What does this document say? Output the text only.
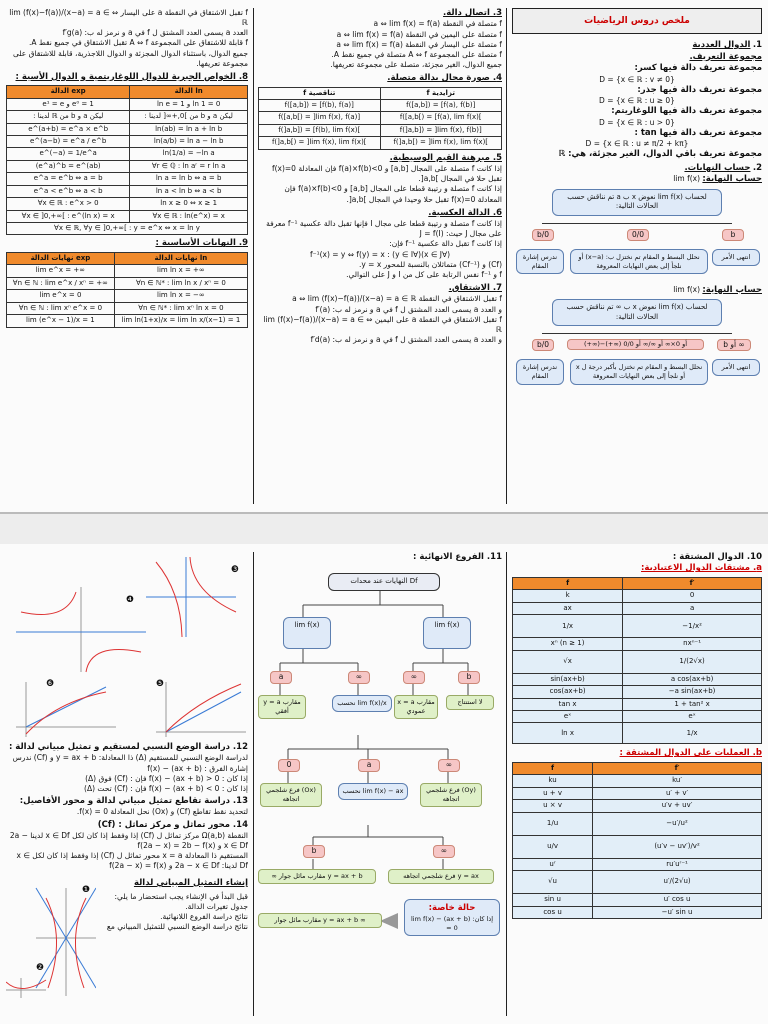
ملخص دروس الرياضيات
1. الدوال العددية
مجموعة التعريف.
مجموعة تعريف دالة فيها كسر:
D = {x ∈ ℝ : v ≠ 0}
مجموعة تعريف دالة فيها جذر:
D = {x ∈ ℝ : u ≥ 0}
مجموعة تعريف دالة فيها اللوغاريتم:
D = {x ∈ ℝ : u > 0}
مجموعة تعريف دالة فيها tan :
D = {x ∈ ℝ : u ≠ π/2 + kπ}
مجموعة تعريف باقي الدوال، الغير مجزئة، هي: ℝ
2. حساب النهايات.
حساب النهاية: lim f(x)
لحساب lim f(x) نعوض x ب a تم نناقش حسب الحالات التالية:
b/0	0/0	b
ندرس إشارة المقام
نحلل البسط و المقام تم نختزل ب: (x−a) أو نلجأ إلى بعض النهايات المعروفة
انتهى الأمر
حساب النهاية: lim f(x)
لحساب lim f(x) نعوض x ب ∞ تم نناقش حسب الحالات التالية:
b/0	(+∞)−(+∞) أو 0×∞ أو ∞/∞ أو 0/0	b أو ∞
ندرس إشارة المقام
نحلل البسط و المقام تم نختزل بأكبر درجة ل x أو نلجأ إلى بعض النهايات المعروفة
انتهى الأمر
3. اتصال دالة.
f متصلة في النقطة a ⇔ lim f(x) = f(a)
f متصلة على اليمين في النقطة a ⇔ lim f(x) = f(a)
f متصلة على اليسار في النقطة a ⇔ lim f(x) = f(a)
f متصلة على المجموعة A ⇔ f متصلة في جميع نقط A.
جميع الدوال، الغير مجزئة، متصلة على مجموعة تعريفها.
4. صورة مجال بدالة متصلة.
f تناقصية	f تزايدية
f([a,b]) = [f(b), f(a)]	f([a,b]) = [f(a), f(b)]
f([a,b[) = ]lim f(x), f(a)]	f([a,b[) = [f(a), lim f(x)[
f(]a,b]) = [f(b), lim f(x)[	f(]a,b]) = ]lim f(x), f(b)]
f(]a,b[) = ]lim f(x), lim f(x)[	f(]a,b[) = ]lim f(x), lim f(x)[
5. مبرهنة القيم الوسيطية.
إذا كانت f متصلة على المجال [a,b] و f(a)×f(b)<0 فإن المعادلة f(x)=0 تقبل حلا في المجال ]a,b[.
إذا كانت f متصلة و رتيبة قطعا على المجال [a,b] و f(a)×f(b)<0 فإن المعادلة f(x)=0 تقبل حلا وحيدا في المجال ]a,b[.
6. الدالة العكسية.
إذا كانت f متصلة و رتيبة قطعا على مجال I فإنها تقبل دالة عكسية f⁻¹ معرفة على مجال J حيث: J = f(I)
إذا كانت f تقبل دالة عكسية f⁻¹ فإن:
(∀x ∈ J)(∀y ∈ I) : f⁻¹(x) = y ⇔ f(y) = x
(Cf) و (Cf⁻¹) متماثلان بالنسبة للمحور y = x.
f و f⁻¹ نفس الرتابة على كل من I و J على التوالي.
7. الاشتقاق.
f تقبل الاشتقاق في النقطة a ⇔ lim (f(x)−f(a))/(x−a) = a ∈ ℝ
و العدد a يسمى العدد المشتق ل f في a و نرمز له ب: f′(a)
f تقبل الاشتقاق في النقطة a على اليمين ⇔ lim (f(x)−f(a))/(x−a) = a ∈ ℝ
و العدد a يسمى العدد المشتق ل f في a و نرمز له ب: f′d(a)
f تقبل الاشتقاق في النقطة a على اليسار ⇔ lim (f(x)−f(a))/(x−a) = a ∈ ℝ
العدد a يسمى العدد المشتق ل f في a و نرمز له ب: f′g(a)
f قابلة للاشتقاق على المجموعة A ⇔ f تقبل الاشتقاق في جميع نقط A.
جميع الدوال، باستثناء الدوال المجزئة و الدوال اللاجذرية، قابلة للاشتقاق على مجموعة تعريفها.
8. الخواص الجبرية للدوال اللوغاريتمية و الدوال الأسية :
الدالة exp	الدالة ln
e¹ = e و e⁰ = 1	ln e = 1 و ln 1 = 0
ليكن a و b من ℝ لدينا :	ليكن a و b من ]0,+∞[ لدينا :
e^(a+b) = e^a × e^b	ln(ab) = ln a + ln b
e^(a−b) = e^a / e^b	ln(a/b) = ln a − ln b
e^(−a) = 1/e^a	ln(1/a) = −ln a
(e^a)^b = e^(ab)	∀r ∈ ℚ : ln aʳ = r ln a
e^a = e^b ⇔ a = b	ln a = ln b ⇔ a = b
e^a < e^b ⇔ a < b	ln a < ln b ⇔ a < b
∀x ∈ ℝ : e^x > 0	ln x ≥ 0 ⇔ x ≥ 1
∀x ∈ ]0,+∞[ : e^(ln x) = x	∀x ∈ ℝ : ln(e^x) = x
∀x ∈ ℝ, ∀y ∈ ]0,+∞[ : y = e^x ⇔ x = ln y	
9. النهايات الأساسية :
نهايات الدالة exp	نهايات الدالة ln
lim e^x = +∞	lim ln x = +∞
∀n ∈ ℕ : lim e^x / xⁿ = +∞	∀n ∈ ℕ* : lim ln x / xⁿ = 0
lim e^x = 0	lim ln x = −∞
∀n ∈ ℕ : lim xⁿ e^x = 0	∀n ∈ ℕ* : lim xⁿ ln x = 0
lim (e^x − 1)/x = 1	lim ln(1+x)/x = lim ln x/(x−1) = 1
10. الدوال المشتقة :
a. مشتقات الدوال الاعتيادية:
f	f′
k	0
ax	a
1/x	−1/x²
xⁿ (n ≥ 1)	nxⁿ⁻¹
√x	1/(2√x)
sin(ax+b)	a cos(ax+b)
cos(ax+b)	−a sin(ax+b)
tan x	1 + tan² x
eˣ	eˣ
ln x	1/x
b. العمليات على الدوال المشتقة :
f	f′
ku	ku′
u + v	u′ + v′
u × v	u′v + uv′
1/u	−u′/u²
u/v	(u′v − uv′)/v²
uʳ	ru′uʳ⁻¹
√u	u′/(2√u)
sin u	u′ cos u
cos u	−u′ sin u
11. الفروع الانهائية :
النهايات عند محدات Df
lim f(x)	lim f(x)
a	∞	∞	b
y = a مقارب أفقي
نحسب lim f(x)/x	x = a مقارب عمودي
لا استنتاج
0	a	∞
(Ox) فرع شلجمي اتجاهه
نحسب lim f(x) − ax	(Oy) فرع شلجمي اتجاهه
b	∞
y = ax + b مقارب مائل جوار ∞	y = ax فرع شلجمي اتجاهه
∞ y = ax + b مقارب مائل جوار
حالة خاصة:
إذا كان: lim f(x) − (ax + b) = 0
❸
❹
❻	❺
12. دراسة الوضع النسبي لمستقيم و تمثيل مبياني لدالة :
لدراسة الوضع النسبي للمستقيم (Δ) ذا المعادلة: y = ax + b و (Cf) ندرس إشارة الفرق : f(x) − (ax + b)
إذا كان : f(x) − (ax + b) > 0 فإن : (Cf) فوق (Δ)
إذا كان : f(x) − (ax + b) < 0 فإن : (Cf) تحت (Δ)
13. دراسة تقاطع تمثيل مبياني لدالة و محور الأفاصيل:
لتحديد نقط تقاطع (Cf) و (Ox) نحل المعادلة f(x) = 0.
14. محور تماثل و مركز تماثل : (Cf)
النقطة Ω(a,b) مركز تماثل ل (Cf) إذا وفقط إذا كان لكل x ∈ Df لدينا 2a − x ∈ Df و f(2a − x) = 2b − f(x)
المستقيم ذا المعادلة x = a محور تماثل ل (Cf) إذا وفقط إذا كان لكل x ∈ Df لدينا: 2a − x ∈ Df و f(2a − x) = f(x)
إنشاء التمثيل المبياني لدالة
قبل البدأ في الإنشاء يجب استحضار ما يلي:
جدول تغيرات الدالة.
نتائج دراسة الفروع اللانهائية.
نتائج دراسة الوضع النسبي للتمثيل المبياني مع
❶
❷
